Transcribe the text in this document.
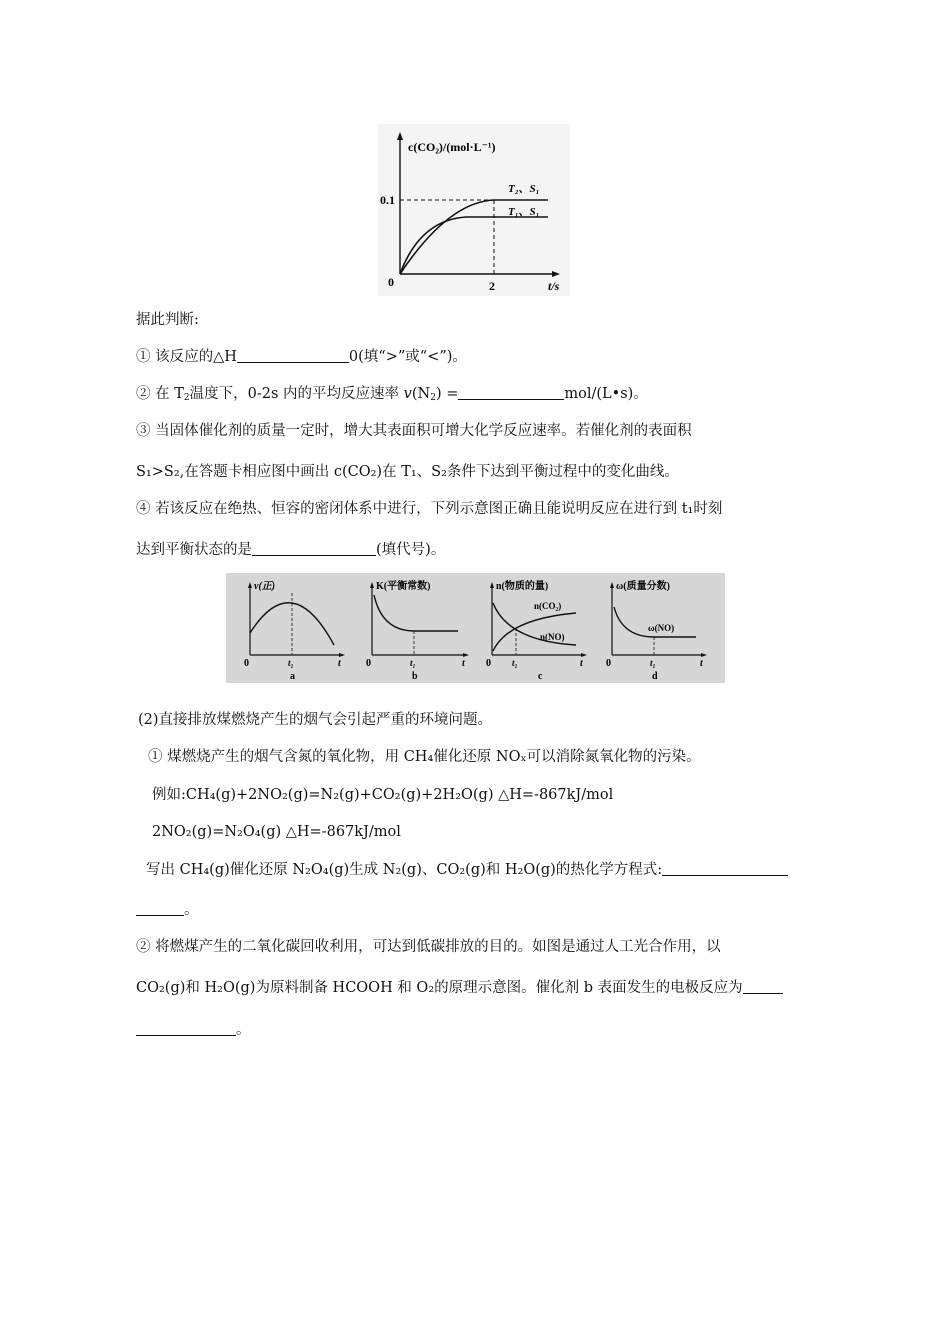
c(CO₂)/(mol·L⁻¹)
0.1
0	2	t/s
T₂、S₁
T₁、S₁
据此判断:
① 该反应的△H	0(填“>”或“<”)。
② 在 $T_2$温度下，0-2s 内的平均反应速率 $v(N_2)$ =	mol/(L•s)。
③ 当固体催化剂的质量一定时，增大其表面积可增大化学反应速率。若催化剂的表面积
S₁>S₂,在答题卡相应图中画出 c(CO₂)在 T₁、S₂条件下达到平衡过程中的变化曲线。
④ 若该反应在绝热、恒容的密闭体系中进行，下列示意图正确且能说明反应在进行到 t₁时刻
达到平衡状态的是	(填代号)。
v(正)
0	t₁	t
a
K(平衡常数)
0	t₁	t
b
n(物质的量)
n(CO₂)
n(NO)
0 t₁	t
c
ω(质量分数)
ω(NO)
0	t₁	t
d
(2)直接排放煤燃烧产生的烟气会引起严重的环境问题。
① 煤燃烧产生的烟气含氮的氧化物，用 CH₄催化还原 NOₓ可以消除氮氧化物的污染。
例如:CH₄(g)+2NO₂(g)=N₂(g)+CO₂(g)+2H₂O(g) △H=-867kJ/mol
2NO₂(g)=N₂O₄(g) △H=-867kJ/mol
写出 CH₄(g)催化还原 N₂O₄(g)生成 N₂(g)、CO₂(g)和 H₂O(g)的热化学方程式:
。
② 将燃煤产生的二氧化碳回收利用，可达到低碳排放的目的。如图是通过人工光合作用，以
CO₂(g)和 H₂O(g)为原料制备 HCOOH 和 O₂的原理示意图。催化剂 b 表面发生的电极反应为
。
